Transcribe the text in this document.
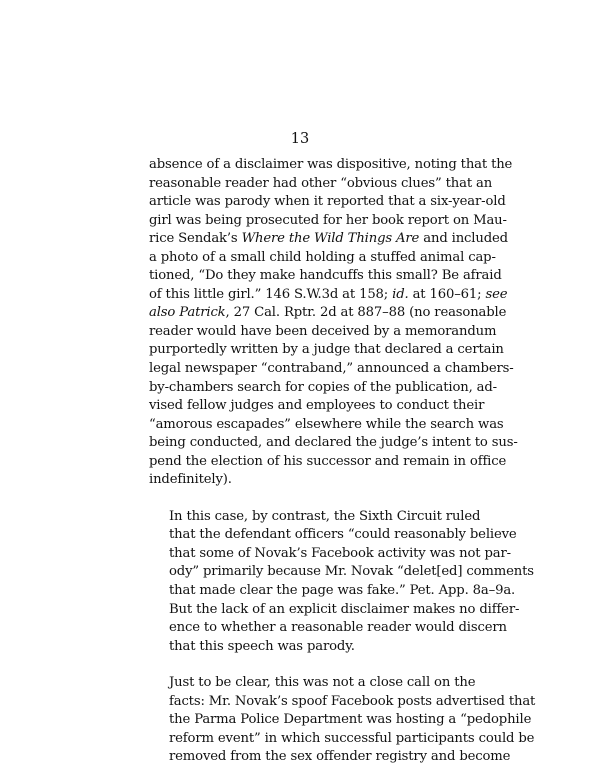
13
absence of a disclaimer was dispositive, noting that the
reasonable reader had other “obvious clues” that an
article was parody when it reported that a six-year-old
girl was being prosecuted for her book report on Mau-
rice Sendak’s Where the Wild Things Are and included
a photo of a small child holding a stuffed animal cap-
tioned, “Do they make handcuffs this small? Be afraid
of this little girl.” 146 S.W.3d at 158; id. at 160–61; see
also Patrick, 27 Cal. Rptr. 2d at 887–88 (no reasonable
reader would have been deceived by a memorandum
purportedly written by a judge that declared a certain
legal newspaper “contraband,” announced a chambers-
by-chambers search for copies of the publication, ad-
vised fellow judges and employees to conduct their
“amorous escapades” elsewhere while the search was
being conducted, and declared the judge’s intent to sus-
pend the election of his successor and remain in office
indefinitely).
In this case, by contrast, the Sixth Circuit ruled
that the defendant officers “could reasonably believe
that some of Novak’s Facebook activity was not par-
ody” primarily because Mr. Novak “delet[ed] comments
that made clear the page was fake.” Pet. App. 8a–9a.
But the lack of an explicit disclaimer makes no differ-
ence to whether a reasonable reader would discern
that this speech was parody.
Just to be clear, this was not a close call on the
facts: Mr. Novak’s spoof Facebook posts advertised that
the Parma Police Department was hosting a “pedophile
reform event” in which successful participants could be
removed from the sex offender registry and become
